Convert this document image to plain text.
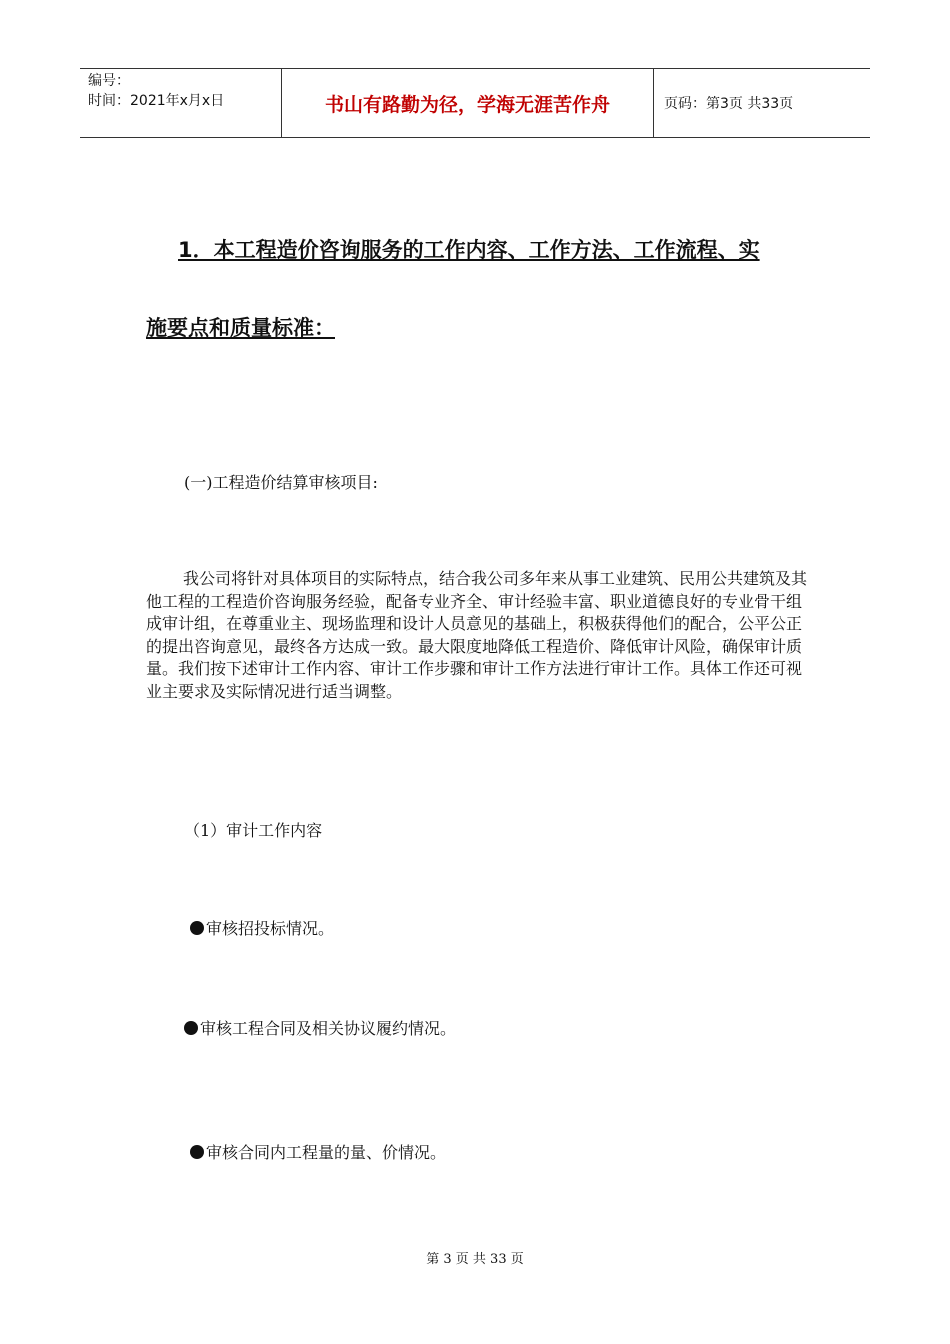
编号：
时间：2021年x月x日	书山有路勤为径，学海无涯苦作舟	页码：第3页 共33页
1．本工程造价咨询服务的工作内容、工作方法、工作流程、实
施要点和质量标准：
(一)工程造价结算审核项目:
我公司将针对具体项目的实际特点，结合我公司多年来从事工业建筑、民用公共建筑及其他工程的工程造价咨询服务经验，配备专业齐全、审计经验丰富、职业道德良好的专业骨干组成审计组，在尊重业主、现场监理和设计人员意见的基础上，积极获得他们的配合，公平公正的提出咨询意见，最终各方达成一致。最大限度地降低工程造价、降低审计风险，确保审计质量。我们按下述审计工作内容、审计工作步骤和审计工作方法进行审计工作。具体工作还可视业主要求及实际情况进行适当调整。
（1）审计工作内容
审核招投标情况。
审核工程合同及相关协议履约情况。
审核合同内工程量的量、价情况。
第 3 页 共 33 页
